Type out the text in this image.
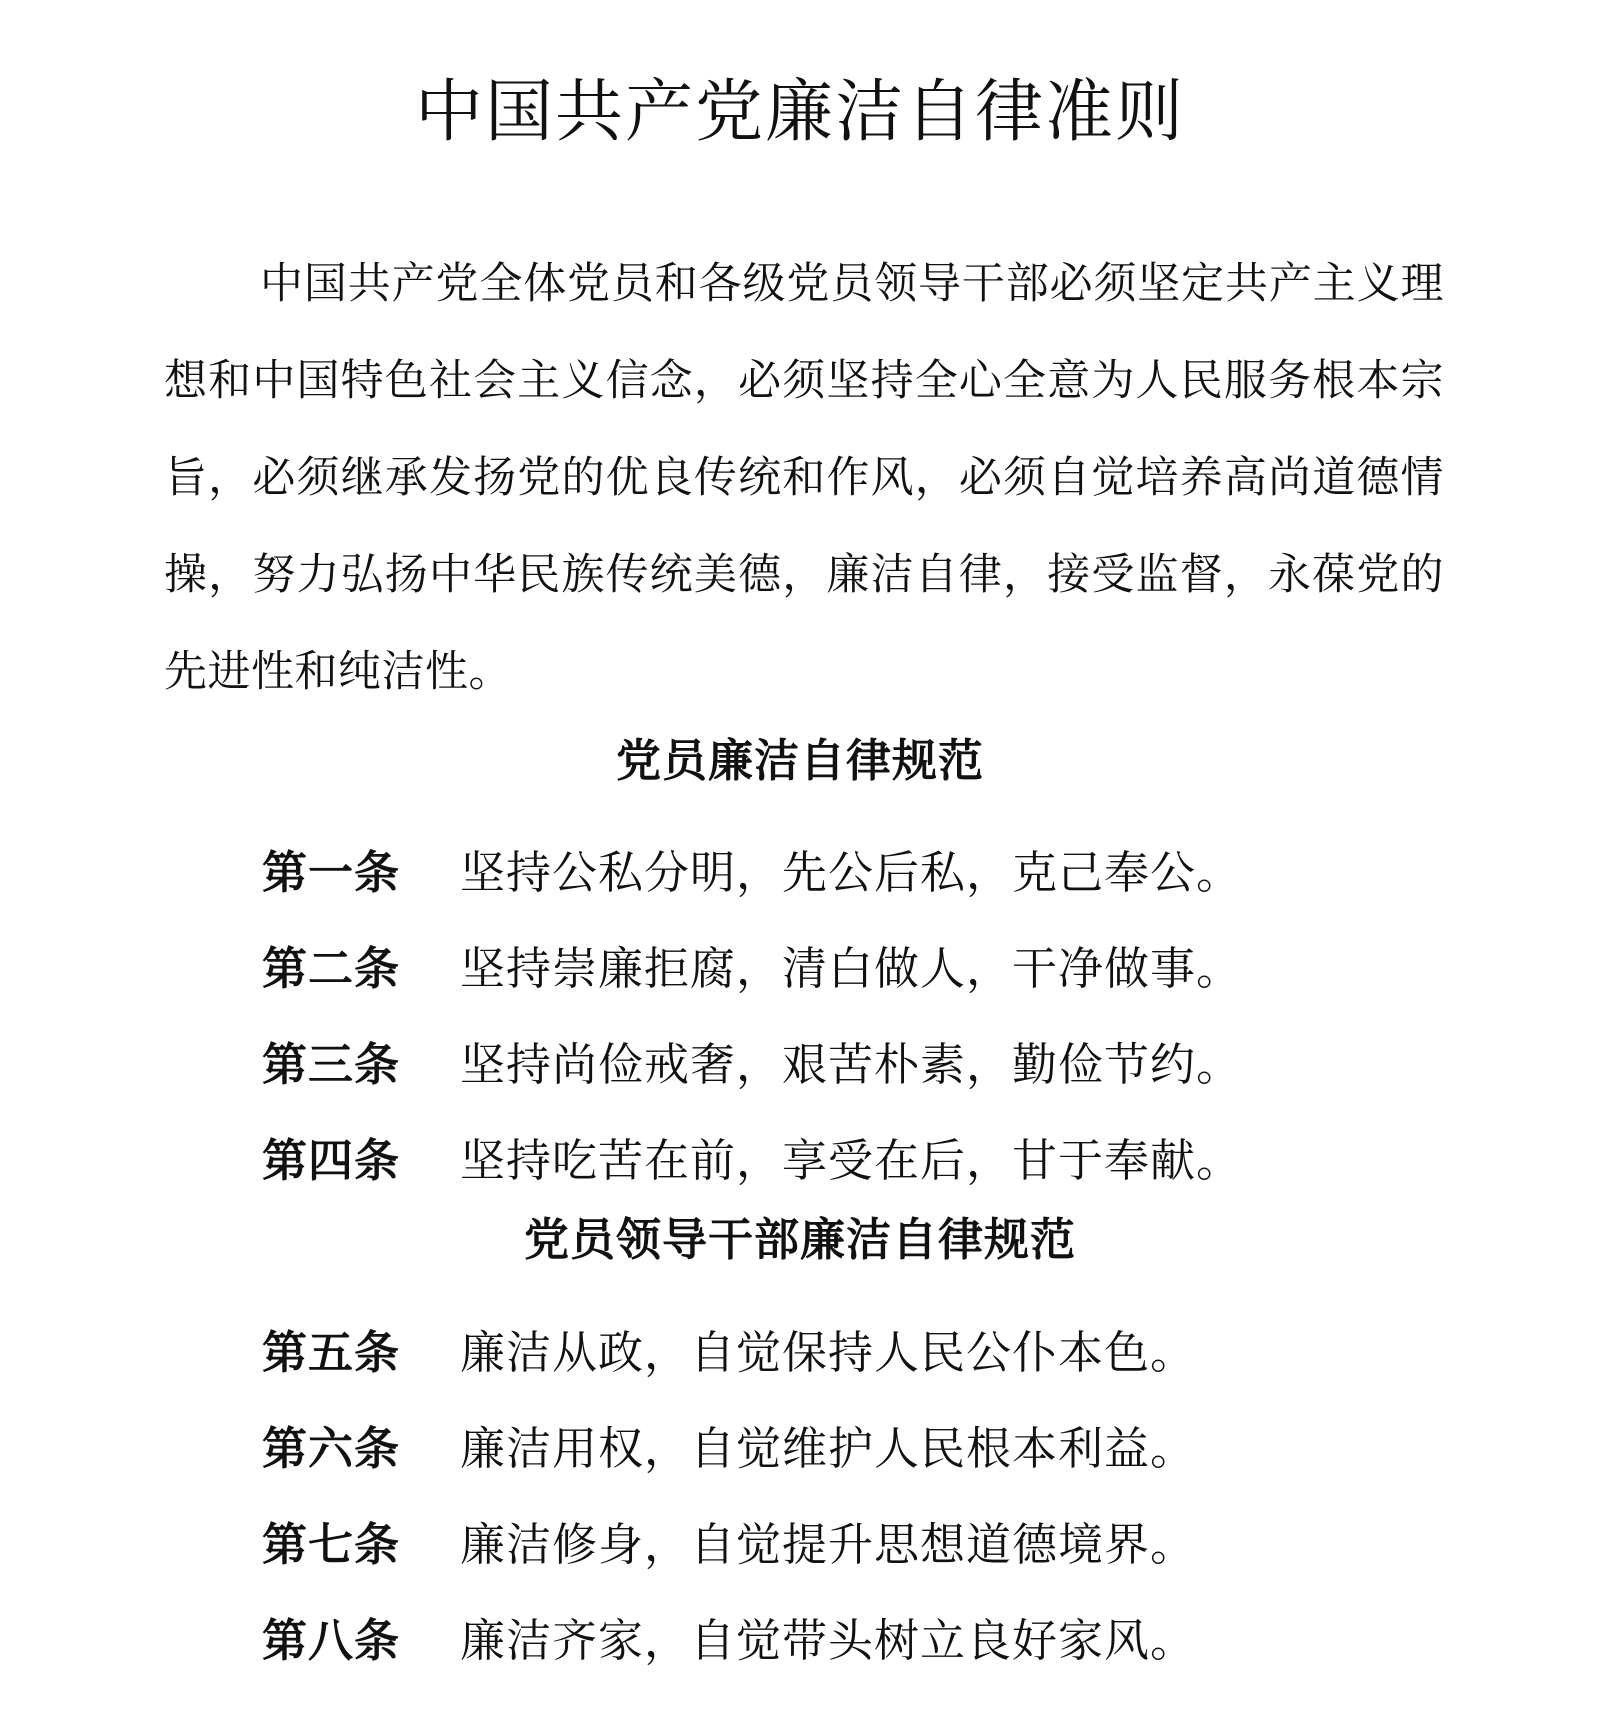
中国共产党廉洁自律准则

中国共产党全体党员和各级党员领导干部必须坚定共产主义理想和中国特色社会主义信念，必须坚持全心全意为人民服务根本宗旨，必须继承发扬党的优良传统和作风，必须自觉培养高尚道德情操，努力弘扬中华民族传统美德，廉洁自律，接受监督，永葆党的先进性和纯洁性。

党员廉洁自律规范
第一条	坚持公私分明，先公后私，克己奉公。
第二条	坚持崇廉拒腐，清白做人，干净做事。
第三条	坚持尚俭戒奢，艰苦朴素，勤俭节约。
第四条	坚持吃苦在前，享受在后，甘于奉献。
党员领导干部廉洁自律规范
第五条	廉洁从政，自觉保持人民公仆本色。
第六条	廉洁用权，自觉维护人民根本利益。
第七条	廉洁修身，自觉提升思想道德境界。
第八条	廉洁齐家，自觉带头树立良好家风。
